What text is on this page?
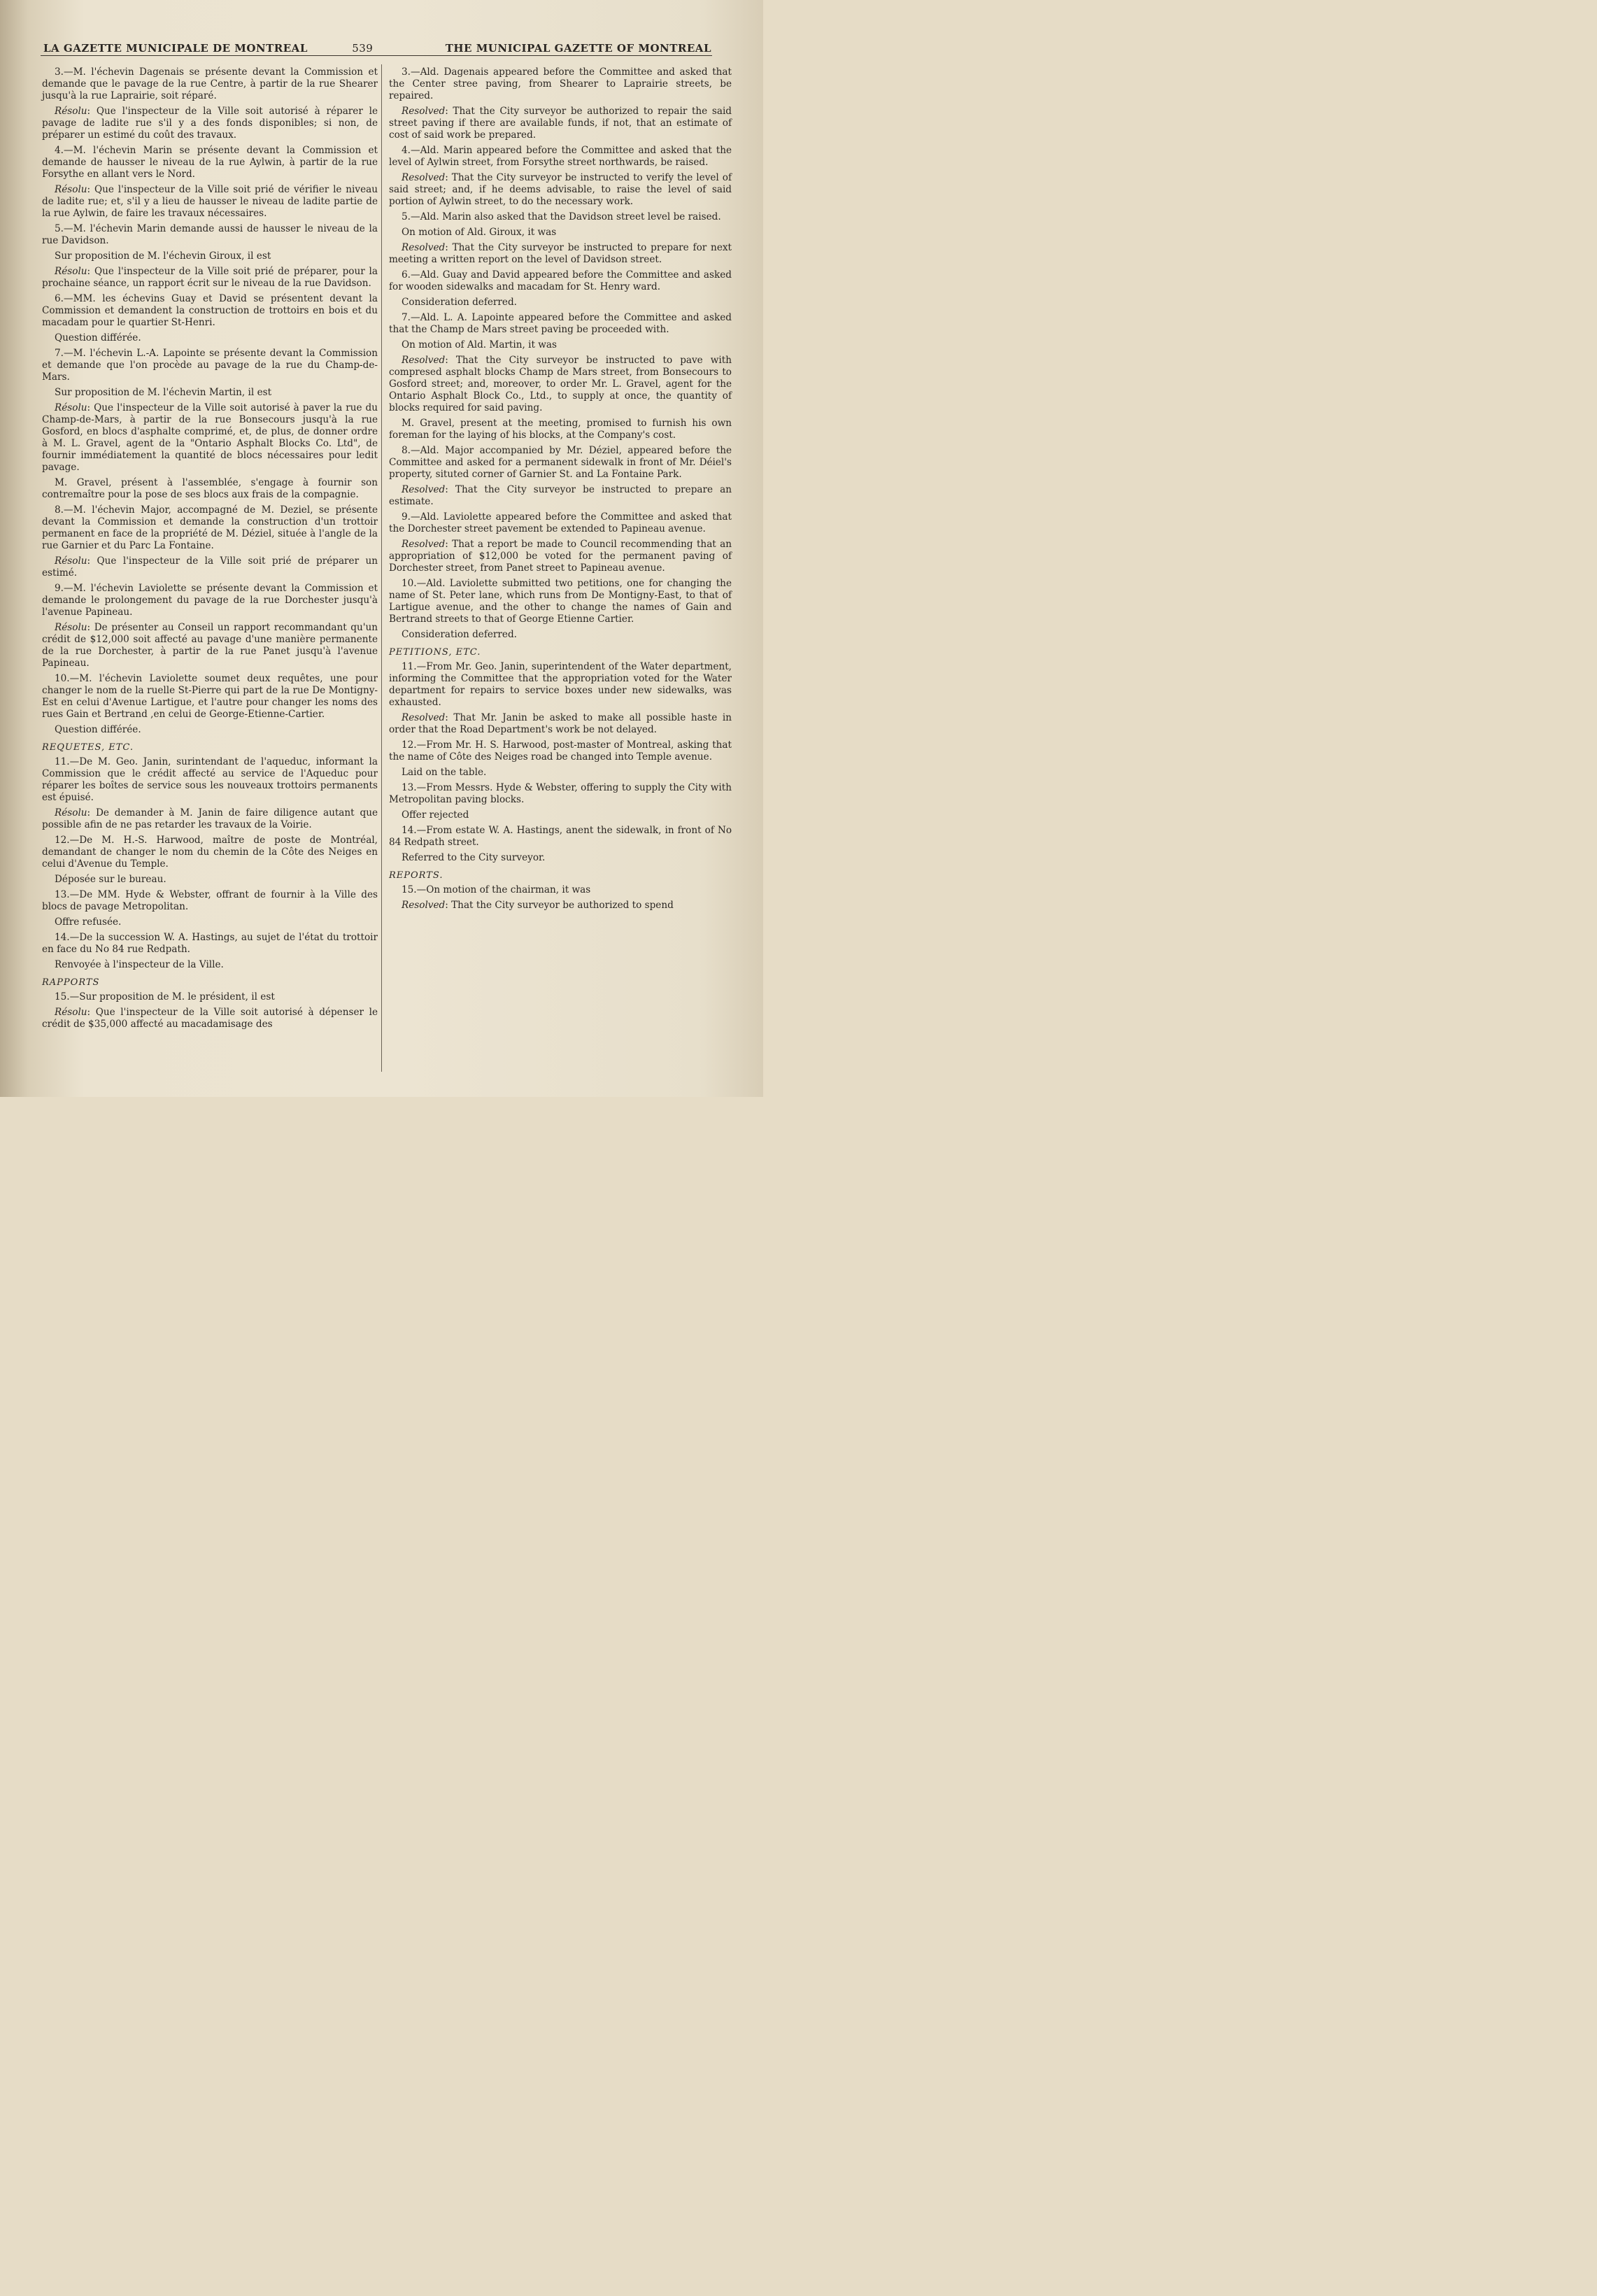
LA GAZETTE MUNICIPALE DE MONTREAL	539	THE MUNICIPAL GAZETTE OF MONTREAL

3.—M. l'échevin Dagenais se présente devant la Commission et demande que le pavage de la rue Centre, à partir de la rue Shearer jusqu'à la rue Laprairie, soit réparé.

Résolu: Que l'inspecteur de la Ville soit autorisé à réparer le pavage de ladite rue s'il y a des fonds disponibles; si non, de préparer un estimé du coût des travaux.

4.—M. l'échevin Marin se présente devant la Commission et demande de hausser le niveau de la rue Aylwin, à partir de la rue Forsythe en allant vers le Nord.

Résolu: Que l'inspecteur de la Ville soit prié de vérifier le niveau de ladite rue; et, s'il y a lieu de hausser le niveau de ladite partie de la rue Aylwin, de faire les travaux nécessaires.

5.—M. l'échevin Marin demande aussi de hausser le niveau de la rue Davidson.

Sur proposition de M. l'échevin Giroux, il est

Résolu: Que l'inspecteur de la Ville soit prié de préparer, pour la prochaine séance, un rapport écrit sur le niveau de la rue Davidson.

6.—MM. les échevins Guay et David se présentent devant la Commission et demandent la construction de trottoirs en bois et du macadam pour le quartier St-Henri.

Question différée.

7.—M. l'échevin L.-A. Lapointe se présente devant la Commission et demande que l'on procède au pavage de la rue du Champ-de-Mars.

Sur proposition de M. l'échevin Martin, il est

Résolu: Que l'inspecteur de la Ville soit autorisé à paver la rue du Champ-de-Mars, à partir de la rue Bonsecours jusqu'à la rue Gosford, en blocs d'asphalte comprimé, et, de plus, de donner ordre à M. L. Gravel, agent de la "Ontario Asphalt Blocks Co. Ltd", de fournir immédiatement la quantité de blocs nécessaires pour ledit pavage.

M. Gravel, présent à l'assemblée, s'engage à fournir son contremaître pour la pose de ses blocs aux frais de la compagnie.

8.—M. l'échevin Major, accompagné de M. Deziel, se présente devant la Commission et demande la construction d'un trottoir permanent en face de la propriété de M. Déziel, située à l'angle de la rue Garnier et du Parc La Fontaine.

Résolu: Que l'inspecteur de la Ville soit prié de préparer un estimé.

9.—M. l'échevin Laviolette se présente devant la Commission et demande le prolongement du pavage de la rue Dorchester jusqu'à l'avenue Papineau.

Résolu: De présenter au Conseil un rapport recommandant qu'un crédit de $12,000 soit affecté au pavage d'une manière permanente de la rue Dorchester, à partir de la rue Panet jusqu'à l'avenue Papineau.

10.—M. l'échevin Laviolette soumet deux requêtes, une pour changer le nom de la ruelle St-Pierre qui part de la rue De Montigny-Est en celui d'Avenue Lartigue, et l'autre pour changer les noms des rues Gain et Bertrand ,en celui de George-Etienne-Cartier.

Question différée.

REQUETES, ETC.

11.—De M. Geo. Janin, surintendant de l'aqueduc, informant la Commission que le crédit affecté au service de l'Aqueduc pour réparer les boîtes de service sous les nouveaux trottoirs permanents est épuisé.

Résolu: De demander à M. Janin de faire diligence autant que possible afin de ne pas retarder les travaux de la Voirie.

12.—De M. H.-S. Harwood, maître de poste de Montréal, demandant de changer le nom du chemin de la Côte des Neiges en celui d'Avenue du Temple.

Déposée sur le bureau.

13.—De MM. Hyde & Webster, offrant de fournir à la Ville des blocs de pavage Metropolitan.

Offre refusée.

14.—De la succession W. A. Hastings, au sujet de l'état du trottoir en face du No 84 rue Redpath.

Renvoyée à l'inspecteur de la Ville.

RAPPORTS

15.—Sur proposition de M. le président, il est

Résolu: Que l'inspecteur de la Ville soit autorisé à dépenser le crédit de $35,000 affecté au macadamisage des

3.—Ald. Dagenais appeared before the Committee and asked that the Center stree paving, from Shearer to Laprairie streets, be repaired.

Resolved: That the City surveyor be authorized to repair the said street paving if there are available funds, if not, that an estimate of cost of said work be prepared.

4.—Ald. Marin appeared before the Committee and asked that the level of Aylwin street, from Forsythe street northwards, be raised.

Resolved: That the City surveyor be instructed to verify the level of said street; and, if he deems advisable, to raise the level of said portion of Aylwin street, to do the necessary work.

5.—Ald. Marin also asked that the Davidson street level be raised.

On motion of Ald. Giroux, it was

Resolved: That the City surveyor be instructed to prepare for next meeting a written report on the level of Davidson street.

6.—Ald. Guay and David appeared before the Committee and asked for wooden sidewalks and macadam for St. Henry ward.

Consideration deferred.

7.—Ald. L. A. Lapointe appeared before the Committee and asked that the Champ de Mars street paving be proceeded with.

On motion of Ald. Martin, it was

Resolved: That the City surveyor be instructed to pave with compresed asphalt blocks Champ de Mars street, from Bonsecours to Gosford street; and, moreover, to order Mr. L. Gravel, agent for the Ontario Asphalt Block Co., Ltd., to supply at once, the quantity of blocks required for said paving.

M. Gravel, present at the meeting, promised to furnish his own foreman for the laying of his blocks, at the Company's cost.

8.—Ald. Major accompanied by Mr. Déziel, appeared before the Committee and asked for a permanent sidewalk in front of Mr. Déiel's property, situted corner of Garnier St. and La Fontaine Park.

Resolved: That the City surveyor be instructed to prepare an estimate.

9.—Ald. Laviolette appeared before the Committee and asked that the Dorchester street pavement be extended to Papineau avenue.

Resolved: That a report be made to Council recommending that an appropriation of $12,000 be voted for the permanent paving of Dorchester street, from Panet street to Papineau avenue.

10.—Ald. Laviolette submitted two petitions, one for changing the name of St. Peter lane, which runs from De Montigny-East, to that of Lartigue avenue, and the other to change the names of Gain and Bertrand streets to that of George Etienne Cartier.

Consideration deferred.

PETITIONS, ETC.

11.—From Mr. Geo. Janin, superintendent of the Water department, informing the Committee that the appropriation voted for the Water department for repairs to service boxes under new sidewalks, was exhausted.

Resolved: That Mr. Janin be asked to make all possible haste in order that the Road Department's work be not delayed.

12.—From Mr. H. S. Harwood, post-master of Montreal, asking that the name of Côte des Neiges road be changed into Temple avenue.

Laid on the table.

13.—From Messrs. Hyde & Webster, offering to supply the City with Metropolitan paving blocks.

Offer rejected

14.—From estate W. A. Hastings, anent the sidewalk, in front of No 84 Redpath street.

Referred to the City surveyor.

REPORTS.

15.—On motion of the chairman, it was

Resolved: That the City surveyor be authorized to spend
